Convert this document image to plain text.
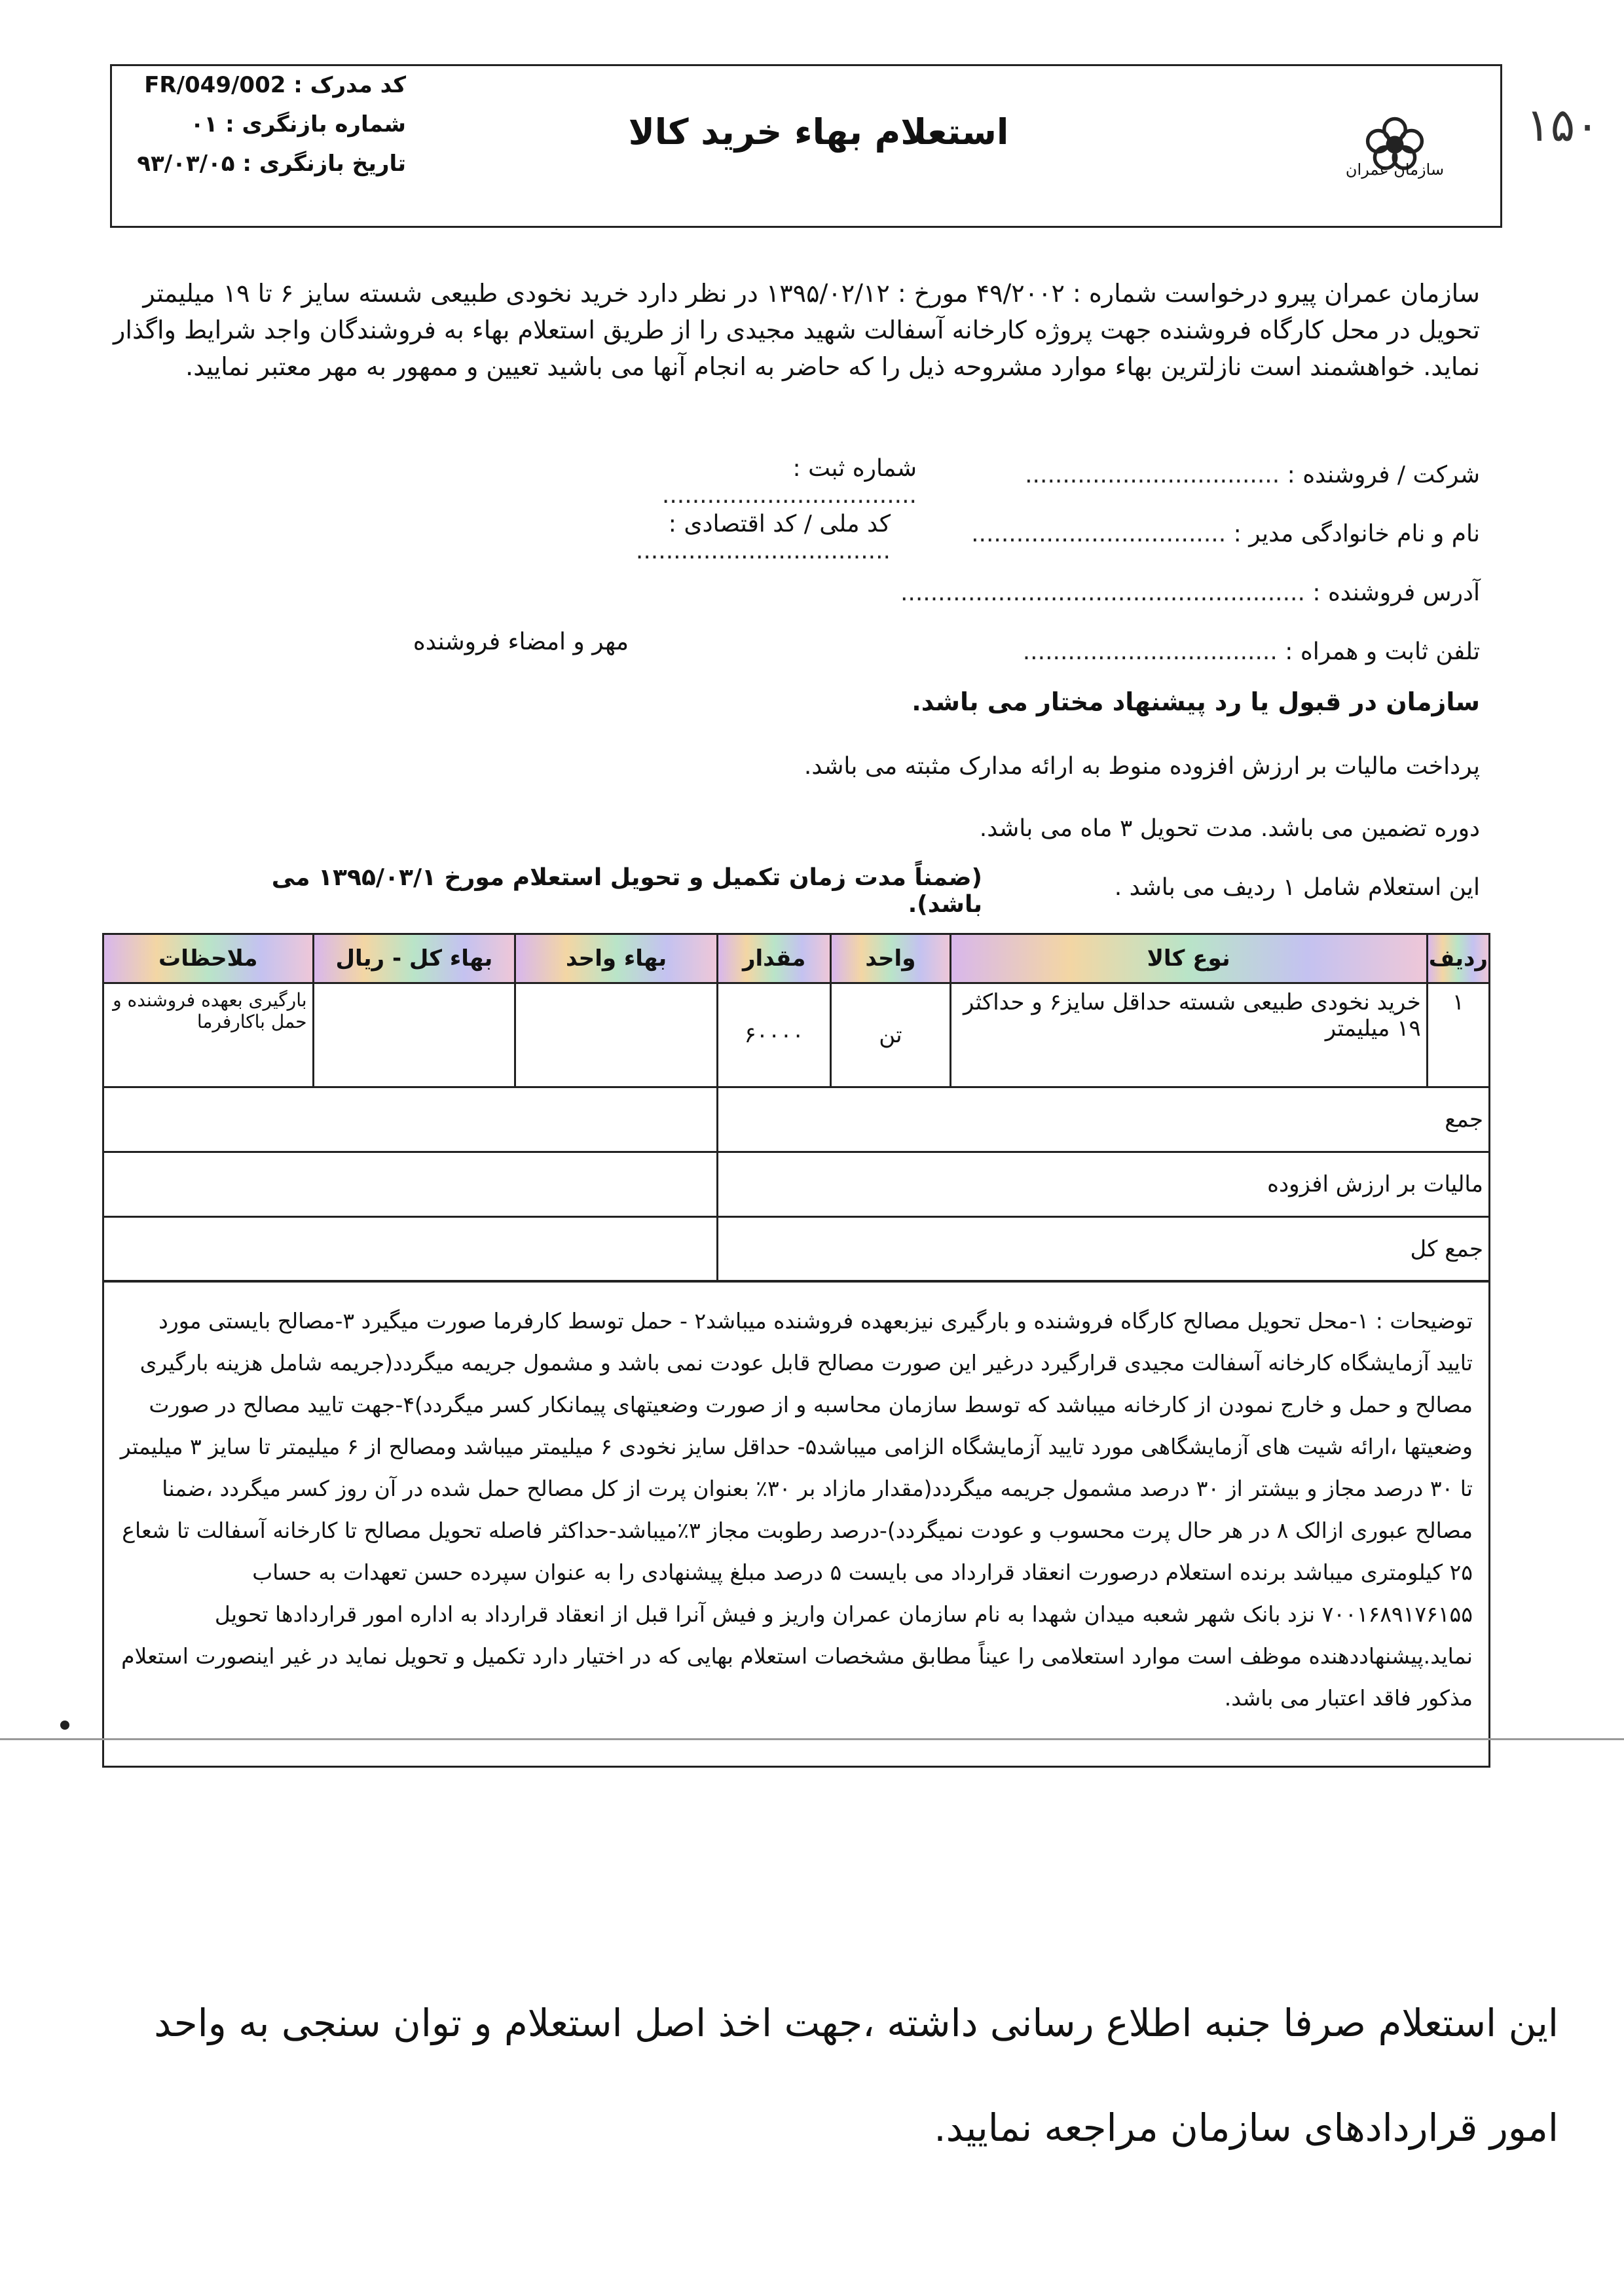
کد مدرک : FR/049/002
شماره بازنگری : ۰۱
تاریخ بازنگری : ۹۳/۰۳/۰۵
استعلام بهاء خرید کالا
سازمان عمران
۱۵۰
سازمان عمران پیرو درخواست شماره : ۴۹/۲۰۰۲ مورخ : ۱۳۹۵/۰۲/۱۲ در نظر دارد خرید نخودی طبیعی شسته سایز ۶ تا ۱۹ میلیمتر تحویل در محل کارگاه فروشنده جهت پروژه کارخانه آسفالت شهید مجیدی را از طریق استعلام بهاء به فروشندگان واجد شرایط واگذار نماید. خواهشمند است نازلترین بهاء موارد مشروحه ذیل را که حاضر به انجام آنها می باشید تعیین و ممهور به مهر معتبر نمایید.
شرکت / فروشنده : ..................................
شماره ثبت : ..................................
نام و نام خانوادگی مدیر : ..................................
کد ملی / کد اقتصادی : ..................................
آدرس فروشنده : ......................................................
تلفن ثابت و همراه : ..................................
مهر و امضاء فروشنده
سازمان در قبول یا رد پیشنهاد مختار می باشد.
پرداخت مالیات بر ارزش افزوده منوط به ارائه مدارک مثبته می باشد.
دوره تضمین می باشد. مدت تحویل ۳ ماه می باشد.
این استعلام شامل ۱ ردیف می باشد .
(ضمناً مدت زمان تکمیل و تحویل استعلام مورخ ۱۳۹۵/۰۳/۱ می باشد).
ردیف	نوع کالا	واحد	مقدار	بهاء واحد	بهاء کل - ریال	ملاحظات
۱	خرید نخودی طبیعی شسته حداقل سایز۶ و حداکثر ۱۹ میلیمتر	تن	۶۰۰۰۰			بارگیری بعهده فروشنده و حمل باکارفرما
جمع						
مالیات بر ارزش افزوده						
جمع کل						
توضیحات : ۱-محل تحویل مصالح کارگاه فروشنده و بارگیری نیزبعهده فروشنده میباشد۲ - حمل توسط کارفرما صورت میگیرد ۳-مصالح بایستی مورد تایید آزمایشگاه کارخانه آسفالت مجیدی قرارگیرد درغیر این صورت مصالح قابل عودت نمی باشد و مشمول جریمه میگردد(جریمه شامل هزینه بارگیری مصالح و حمل و خارج نمودن از کارخانه میباشد که توسط سازمان محاسبه و از صورت وضعیتهای پیمانکار کسر میگردد)۴-جهت تایید مصالح در صورت وضعیتها ،ارائه شیت های آزمایشگاهی مورد تایید آزمایشگاه الزامی میباشد۵- حداقل سایز نخودی ۶ میلیمتر میباشد ومصالح از ۶ میلیمتر تا سایز ۳ میلیمتر تا ۳۰ درصد مجاز و بیشتر از ۳۰ درصد مشمول جریمه میگردد(مقدار مازاد بر ۳۰٪ بعنوان پرت از کل مصالح حمل شده در آن روز کسر میگردد ،ضمنا مصالح عبوری ازالک ۸ در هر حال پرت محسوب و عودت نمیگردد)-درصد رطوبت مجاز ۳٪میباشد-حداکثر فاصله تحویل مصالح تا کارخانه آسفالت تا شعاع ۲۵ کیلومتری میباشد برنده استعلام درصورت انعقاد قرارداد می بایست ۵ درصد مبلغ پیشنهادی را به عنوان سپرده حسن تعهدات به حساب ۷۰۰۱۶۸۹۱۷۶۱۵۵ نزد بانک شهر شعبه میدان شهدا به نام سازمان عمران واریز و فیش آنرا قبل از انعقاد قرارداد به اداره امور قراردادها تحویل نماید.پیشنهاددهنده موظف است موارد استعلامی را عیناً مطابق مشخصات استعلام بهایی که در اختیار دارد تکمیل و تحویل نماید در غیر اینصورت استعلام مذکور فاقد اعتبار می باشد.
این استعلام صرفا جنبه اطلاع رسانی داشته ،جهت اخذ اصل استعلام و توان سنجی به واحد امور قراردادهای سازمان مراجعه نمایید.
